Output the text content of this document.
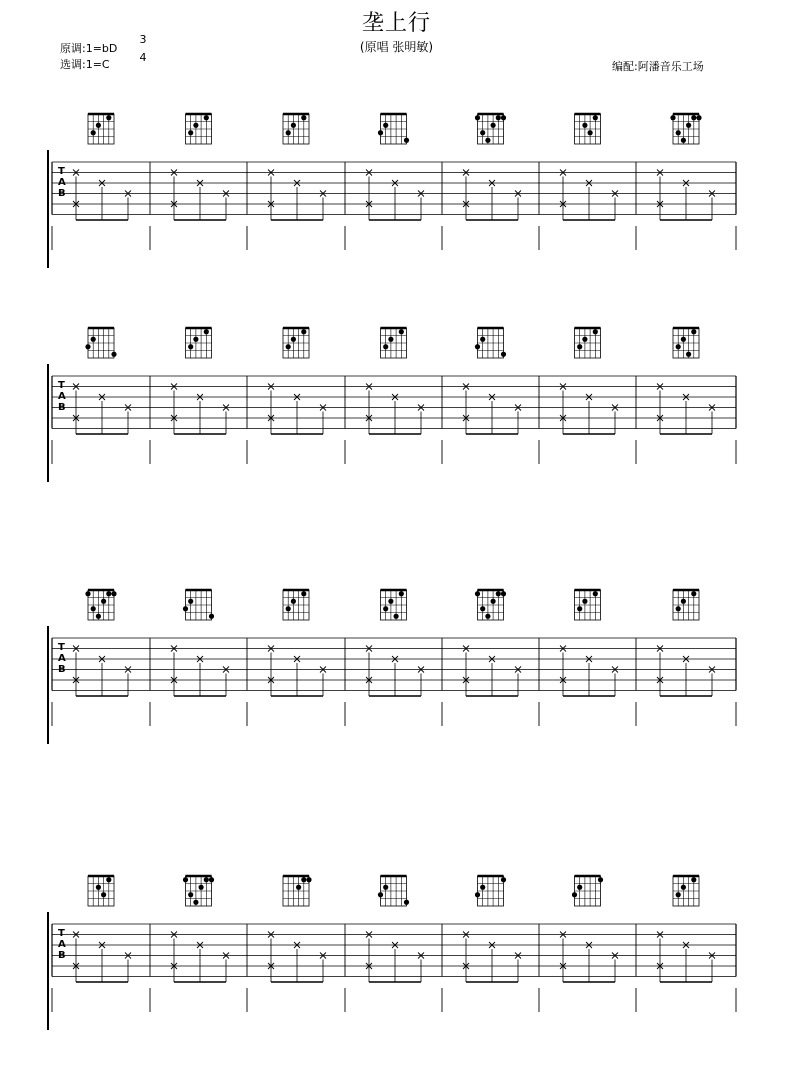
垄上行
(原唱 张明敏)
原调:1=bD
选调:1=C
3
4
编配:阿潘音乐工场
T
A
B
T
A
B
T
A
B
T
A
B
